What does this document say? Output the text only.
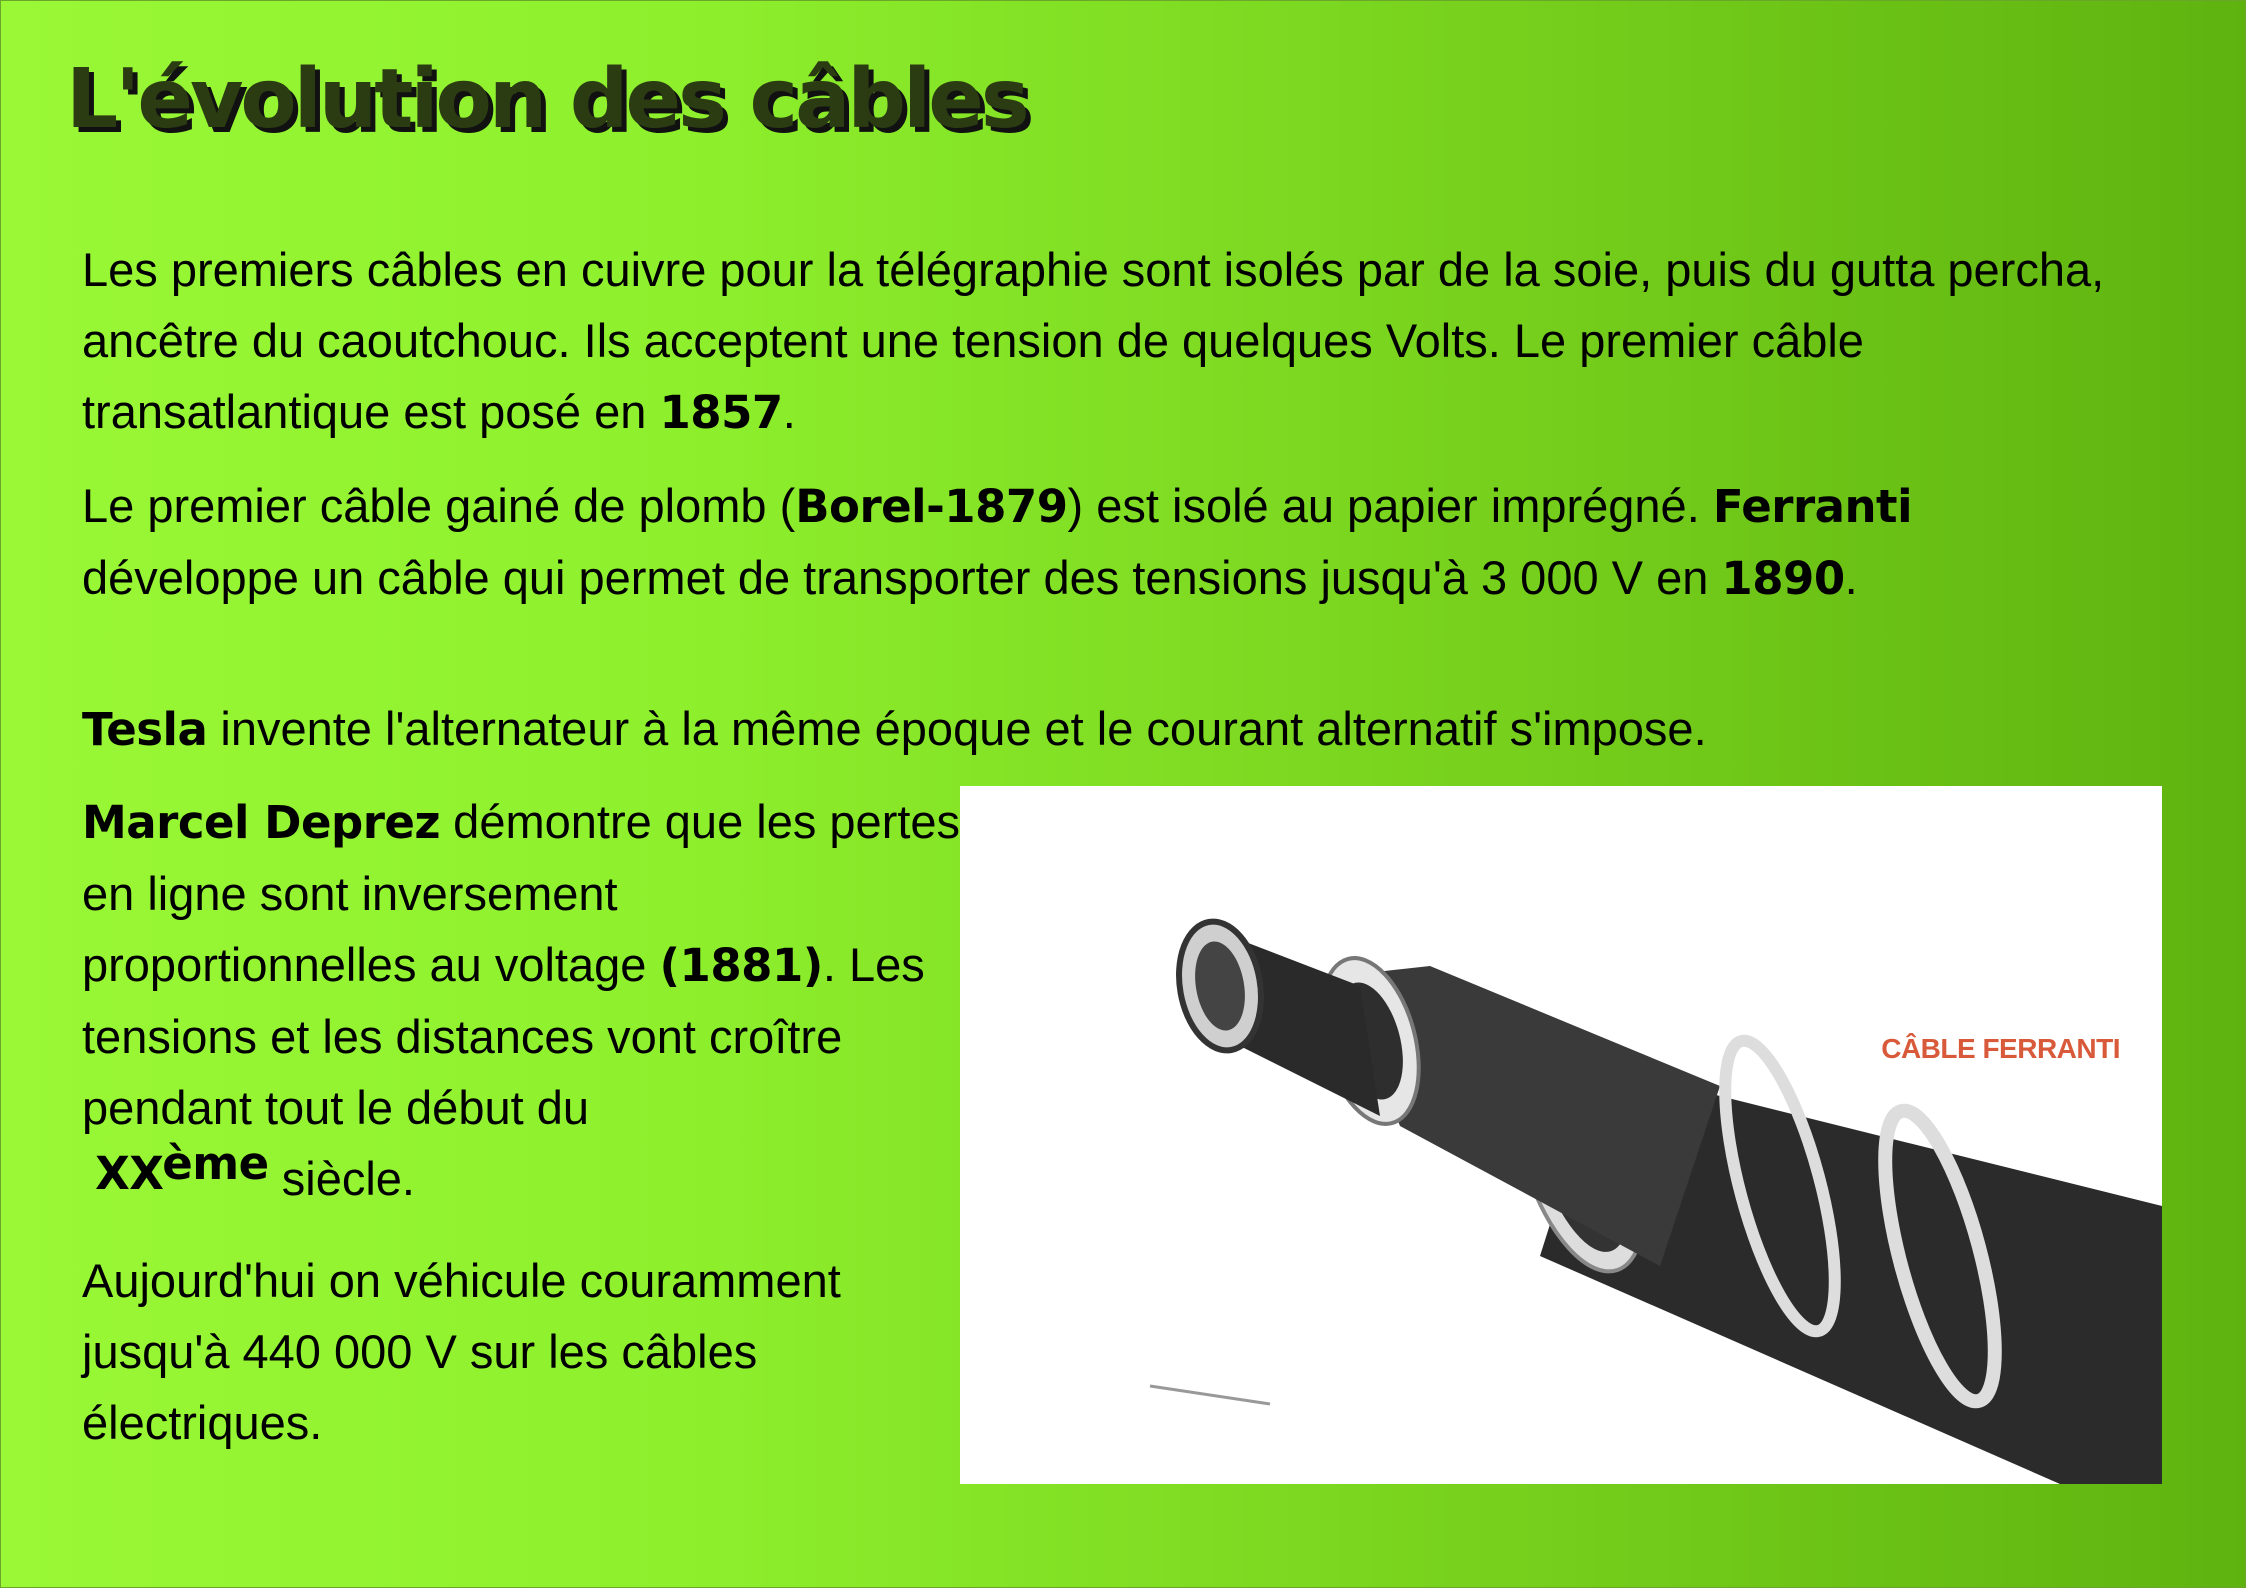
L'évolution des câbles

Les premiers câbles en cuivre pour la télégraphie sont isolés par de la soie, puis du gutta percha, ancêtre du caoutchouc. Ils acceptent une tension de quelques Volts. Le premier câble transatlantique est posé en 1857.

Le premier câble gainé de plomb (Borel-1879) est isolé au papier imprégné. Ferranti
développe un câble qui permet de transporter des tensions jusqu'à 3 000 V en 1890.

Tesla invente l'alternateur à la même époque et le courant alternatif s'impose.

Marcel Deprez démontre que les pertes en ligne sont inversement proportionnelles au voltage (1881). Les tensions et les distances vont croître pendant tout le début du
XXème siècle.

Aujourd'hui on véhicule couramment jusqu'à 440 000 V sur les câbles électriques.

CÂBLE FERRANTI
